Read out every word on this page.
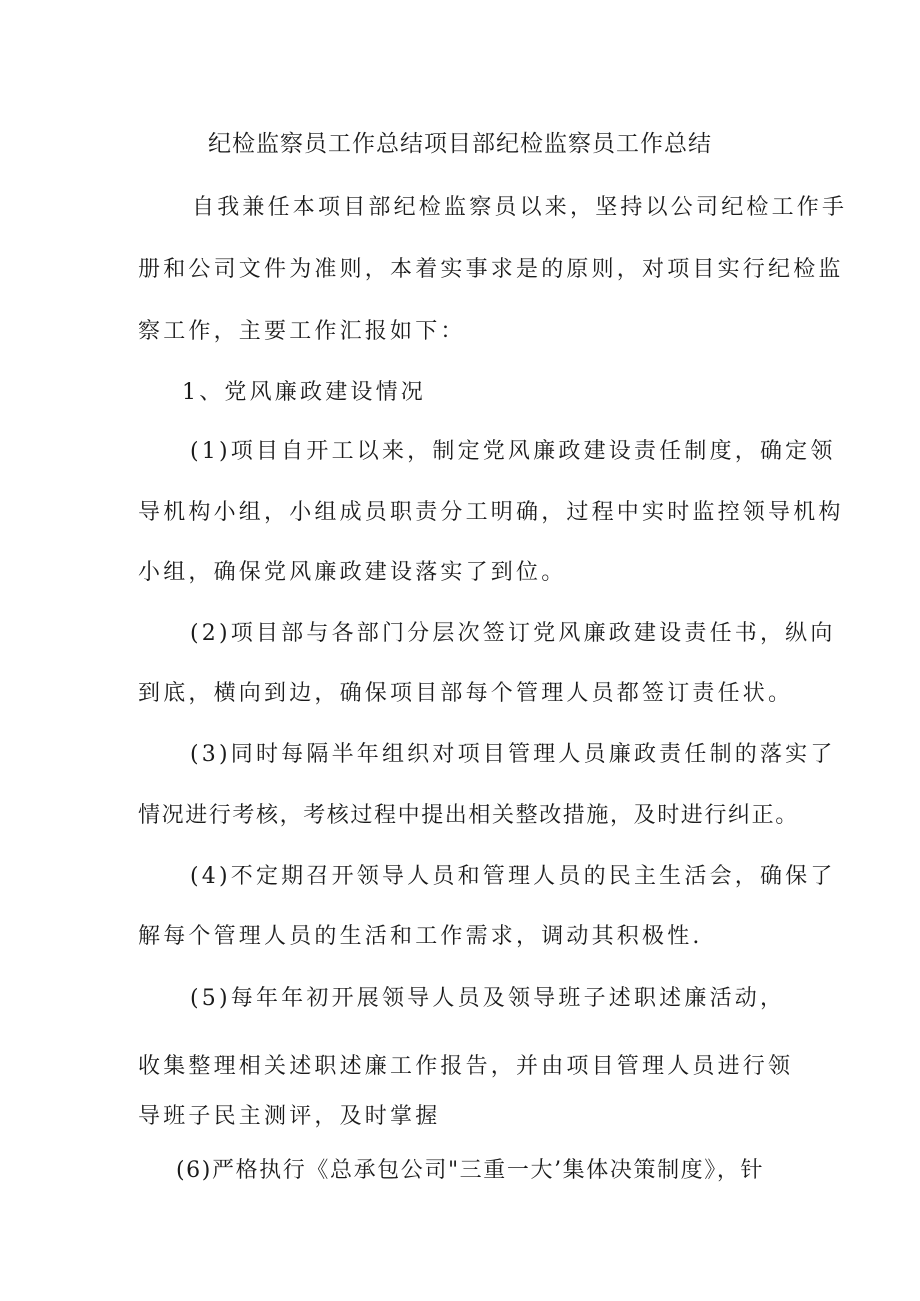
纪检监察员工作总结项目部纪检监察员工作总结
自我兼任本项目部纪检监察员以来，坚持以公司纪检工作手
册和公司文件为准则，本着实事求是的原则，对项目实行纪检监
察工作，主要工作汇报如下：
1、党风廉政建设情况
(1)项目自开工以来，制定党风廉政建设责任制度，确定领
导机构小组，小组成员职责分工明确，过程中实时监控领导机构
小组，确保党风廉政建设落实了到位。
(2)项目部与各部门分层次签订党风廉政建设责任书，纵向
到底，横向到边，确保项目部每个管理人员都签订责任状。
(3)同时每隔半年组织对项目管理人员廉政责任制的落实了
情况进行考核，考核过程中提出相关整改措施，及时进行纠正。
(4)不定期召开领导人员和管理人员的民主生活会，确保了
解每个管理人员的生活和工作需求，调动其积极性.
(5)每年年初开展领导人员及领导班子述职述廉活动，
收集整理相关述职述廉工作报告，并由项目管理人员进行领
导班子民主测评，及时掌握
(6)严格执行《总承包公司"三重一大’集体决策制度》，针
